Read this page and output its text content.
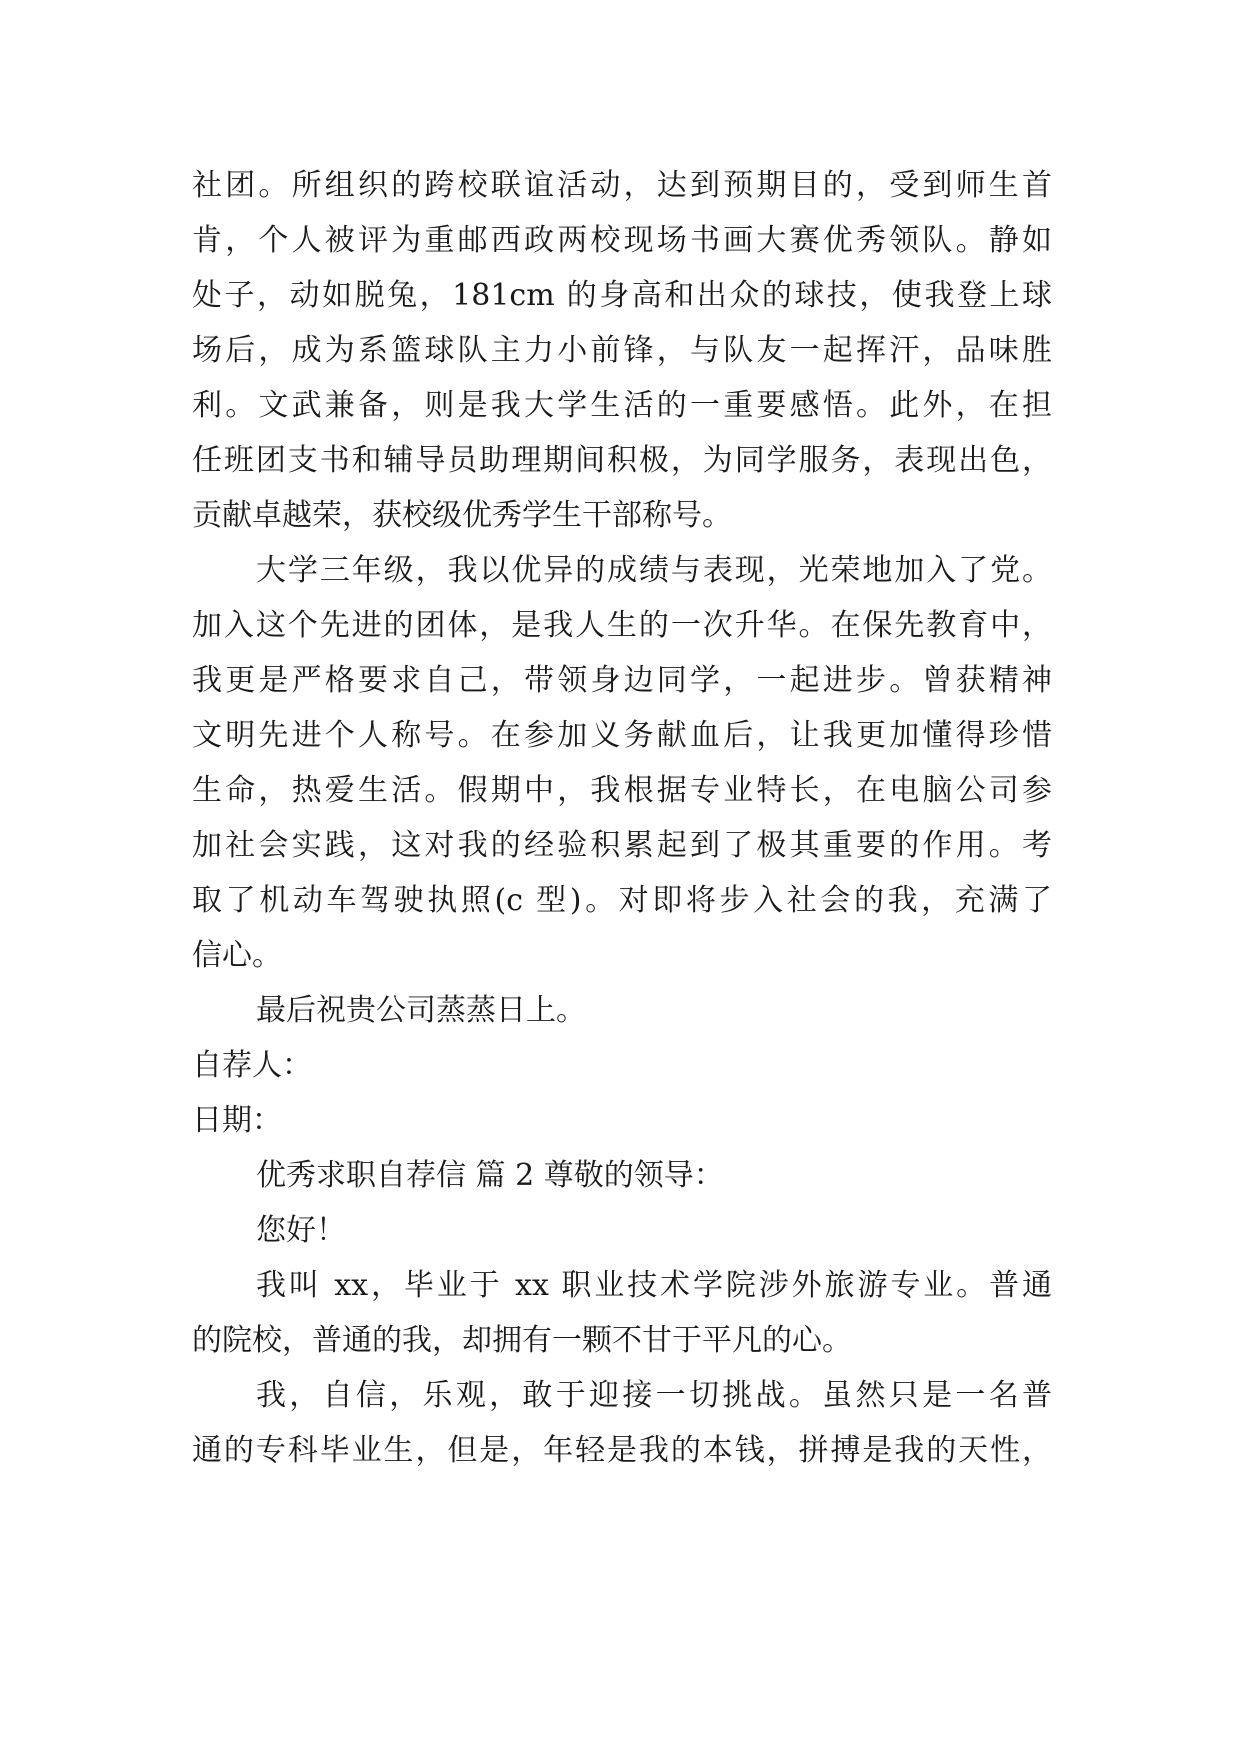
社团。所组织的跨校联谊活动，达到预期目的，受到师生首
肯，个人被评为重邮西政两校现场书画大赛优秀领队。静如
处子，动如脱兔，181cm 的身高和出众的球技，使我登上球
场后，成为系篮球队主力小前锋，与队友一起挥汗，品味胜
利。文武兼备，则是我大学生活的一重要感悟。此外，在担
任班团支书和辅导员助理期间积极，为同学服务，表现出色，
贡献卓越荣，获校级优秀学生干部称号。
大学三年级，我以优异的成绩与表现，光荣地加入了党。
加入这个先进的团体，是我人生的一次升华。在保先教育中，
我更是严格要求自己，带领身边同学，一起进步。曾获精神
文明先进个人称号。在参加义务献血后，让我更加懂得珍惜
生命，热爱生活。假期中，我根据专业特长，在电脑公司参
加社会实践，这对我的经验积累起到了极其重要的作用。考
取了机动车驾驶执照(c 型)。对即将步入社会的我，充满了
信心。
最后祝贵公司蒸蒸日上。
自荐人：
日期：
优秀求职自荐信 篇 2 尊敬的领导：
您好！
我叫 xx，毕业于 xx 职业技术学院涉外旅游专业。普通
的院校，普通的我，却拥有一颗不甘于平凡的心。
我，自信，乐观，敢于迎接一切挑战。虽然只是一名普
通的专科毕业生，但是，年轻是我的本钱，拼搏是我的天性，
